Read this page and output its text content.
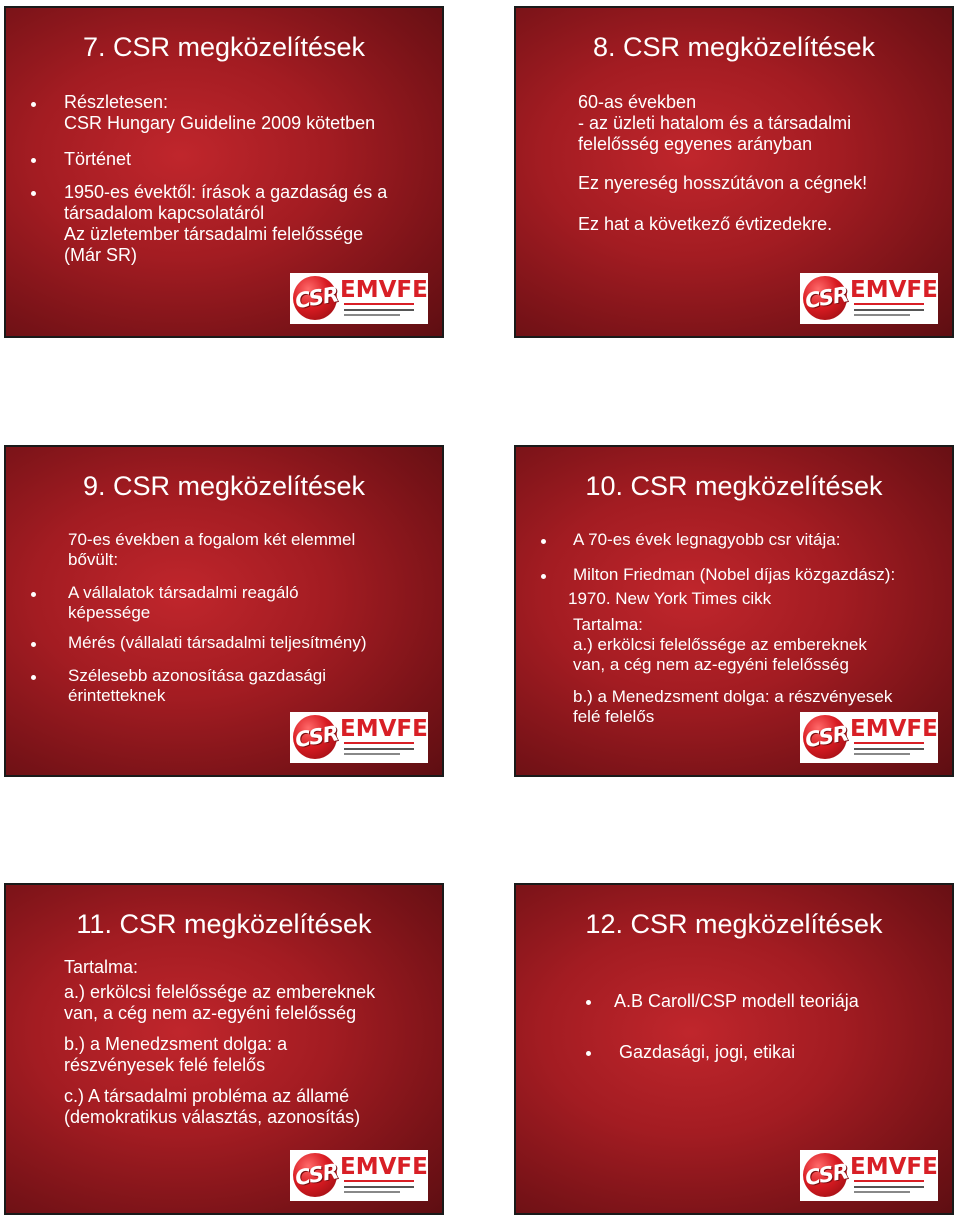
7. CSR megközelítések
Részletesen:
CSR Hungary Guideline 2009 kötetben
Történet
1950-es évektől: írások a gazdaság és a
társadalom kapcsolatáról
Az üzletember társadalmi felelőssége
(Már SR)
CSR EMVFE
8. CSR megközelítések
60-as években
- az üzleti hatalom és a társadalmi
felelősség egyenes arányban
Ez nyereség hosszútávon a cégnek!
Ez hat a következő évtizedekre.
CSR EMVFE
9. CSR megközelítések
70-es években a fogalom két elemmel
bővült:
A vállalatok társadalmi reagáló
képessége
Mérés (vállalati társadalmi teljesítmény)
Szélesebb azonosítása gazdasági
érintetteknek
CSR EMVFE
10. CSR megközelítések
A 70-es évek legnagyobb csr vitája:
Milton Friedman (Nobel díjas közgazdász):
1970. New York Times cikk
Tartalma:
a.) erkölcsi felelőssége az embereknek
van, a cég nem az-egyéni felelősség
b.) a Menedzsment dolga: a részvényesek
felé felelős
CSR EMVFE
11. CSR megközelítések
Tartalma:
a.) erkölcsi felelőssége az embereknek
van, a cég nem az-egyéni felelősség
b.) a Menedzsment dolga: a
részvényesek felé felelős
c.) A társadalmi probléma az államé
(demokratikus választás, azonosítás)
CSR EMVFE
12. CSR megközelítések
A.B Caroll/CSP modell teoriája
Gazdasági, jogi, etikai
CSR EMVFE
